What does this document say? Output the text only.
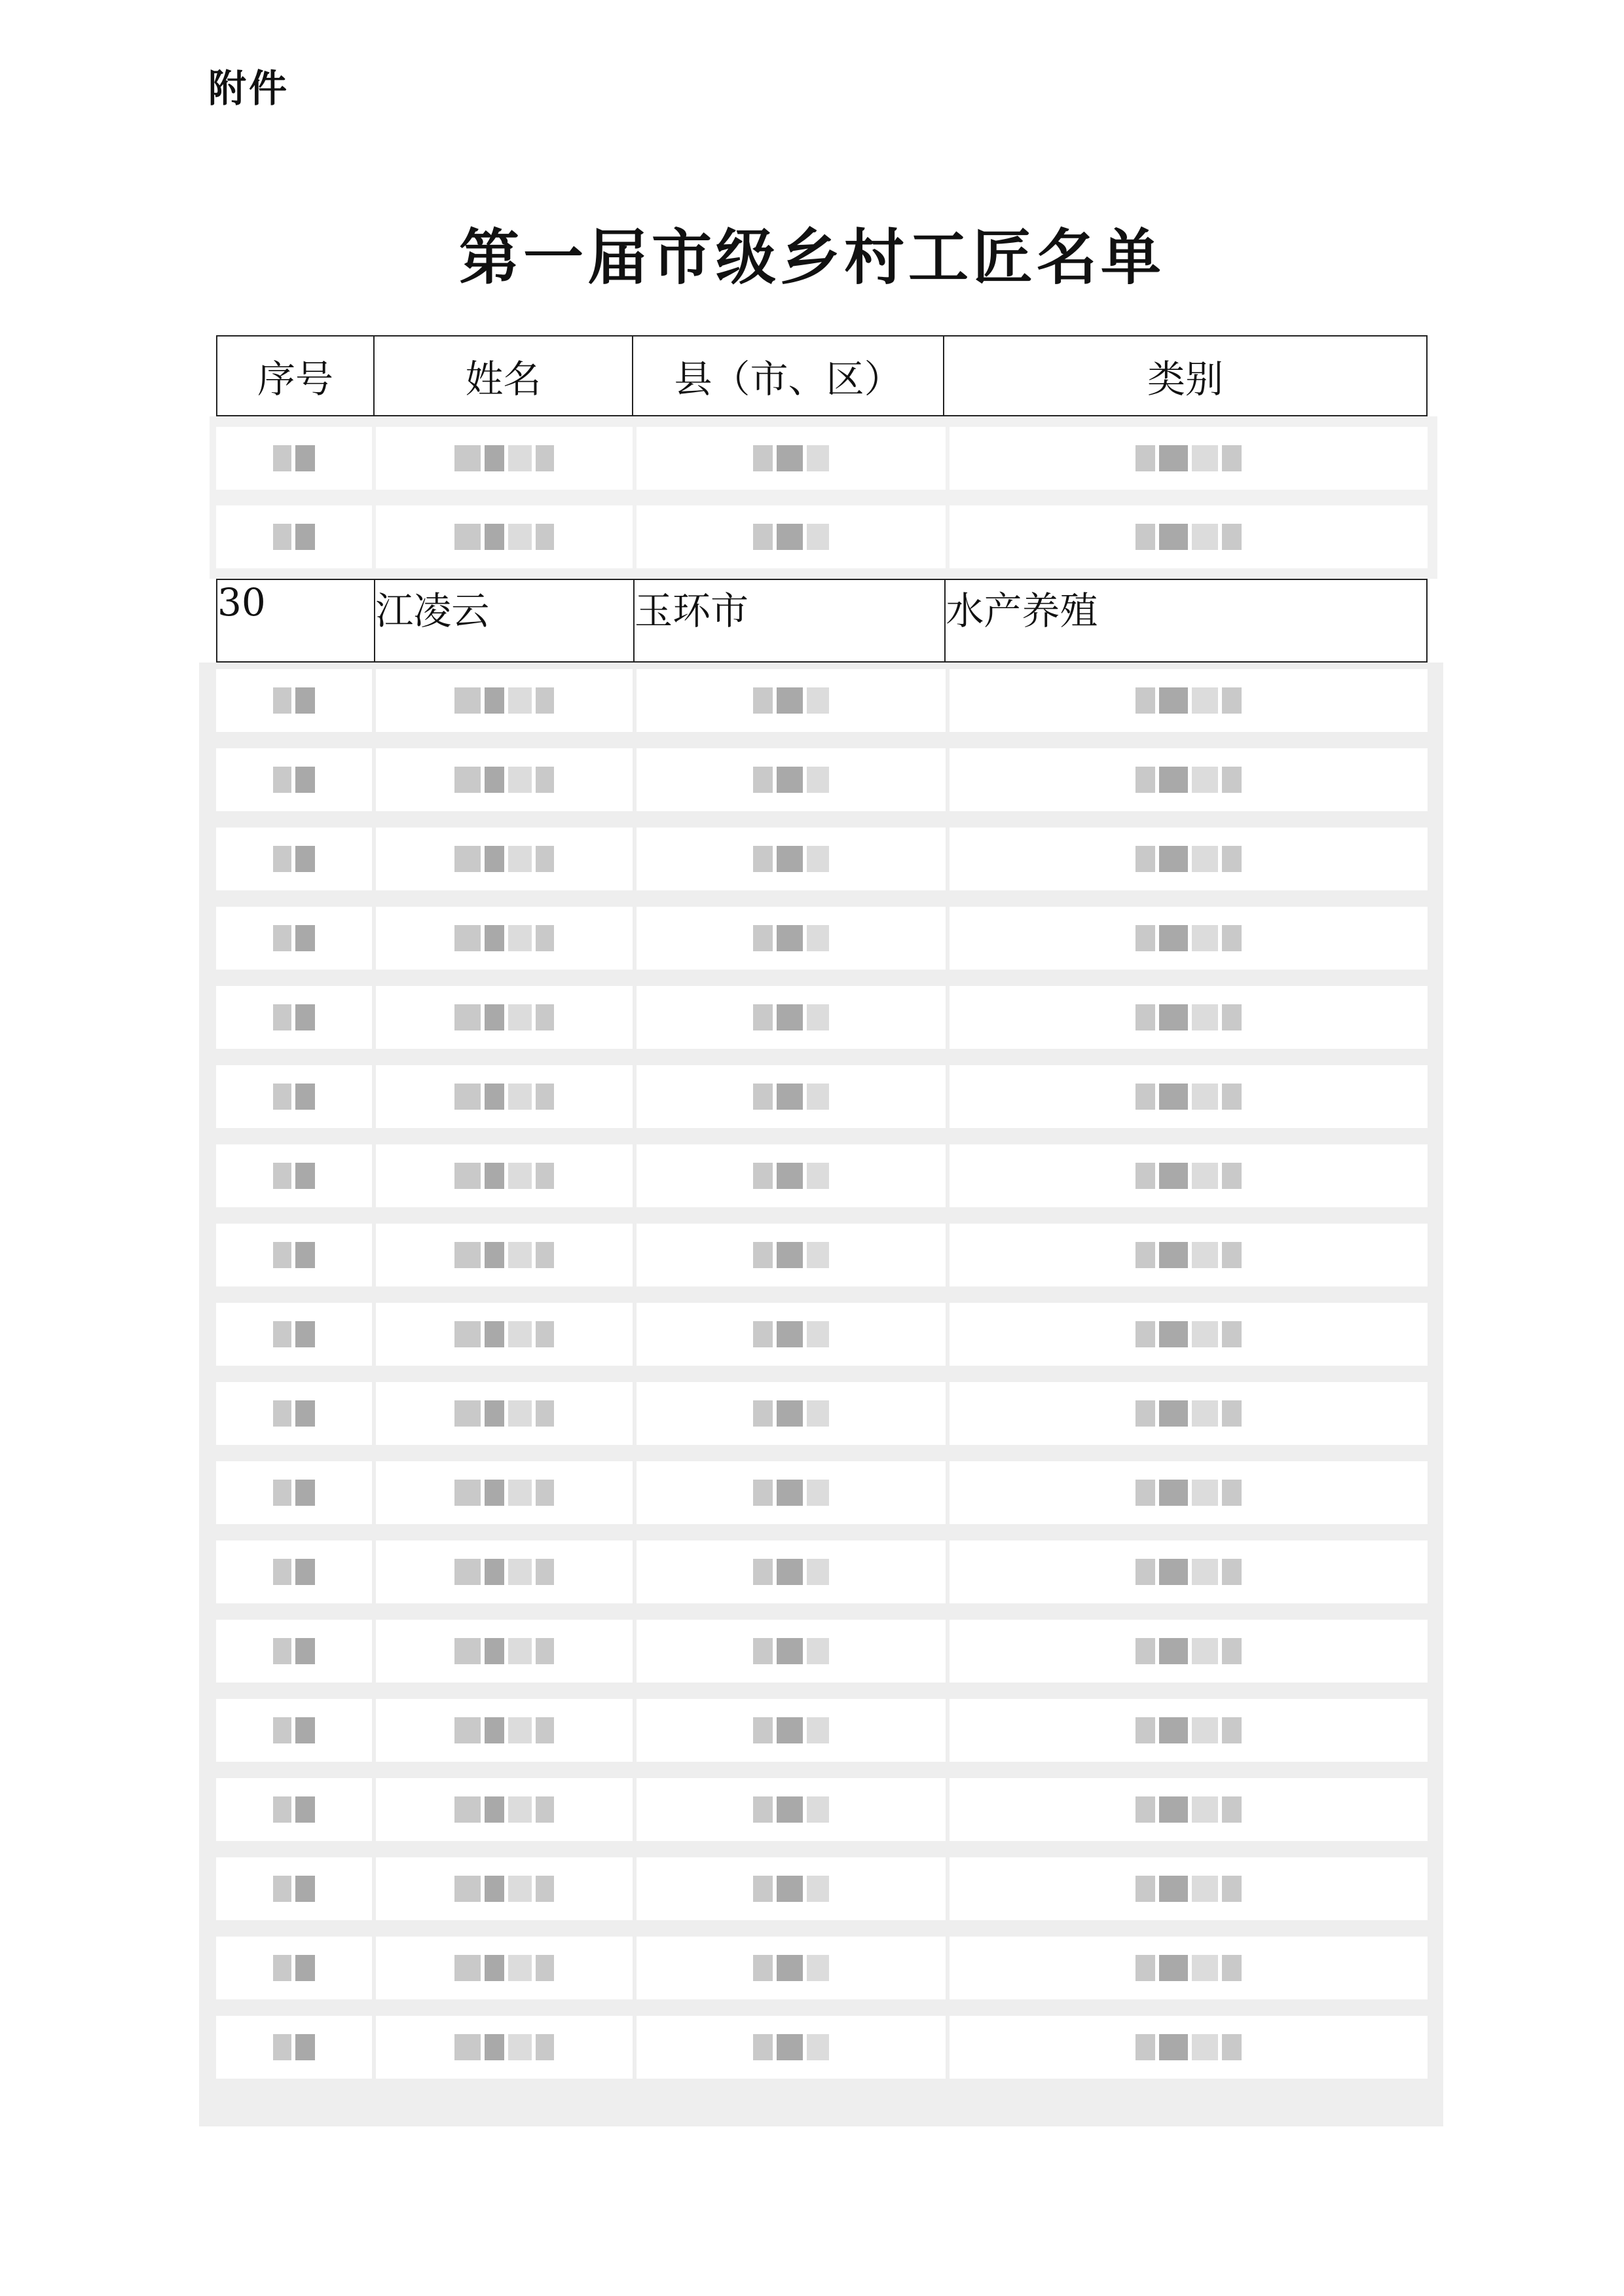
附件
第一届市级乡村工匠名单
序号	姓名	县（市、区）	类别
30	江凌云	玉环市	水产养殖
